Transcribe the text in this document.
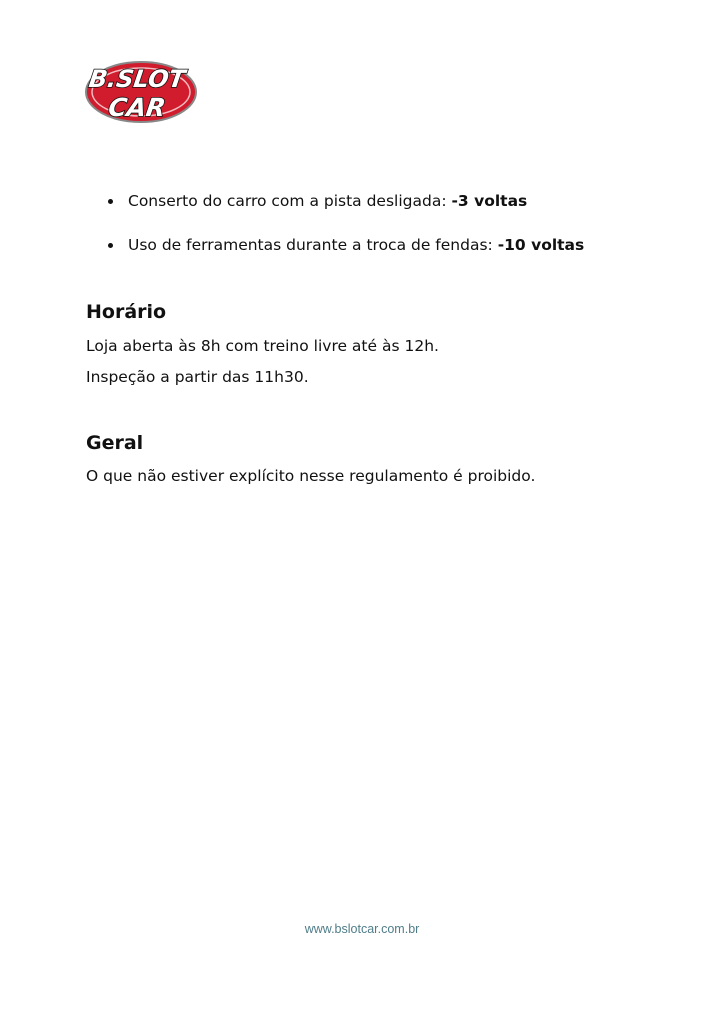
B.SLOT
CAR
Conserto do carro com a pista desligada: -3 voltas
Uso de ferramentas durante a troca de fendas: -10 voltas
Horário

Loja aberta às 8h com treino livre até às 12h.

Inspeção a partir das 11h30.

Geral

O que não estiver explícito nesse regulamento é proibido.

www.bslotcar.com.br
